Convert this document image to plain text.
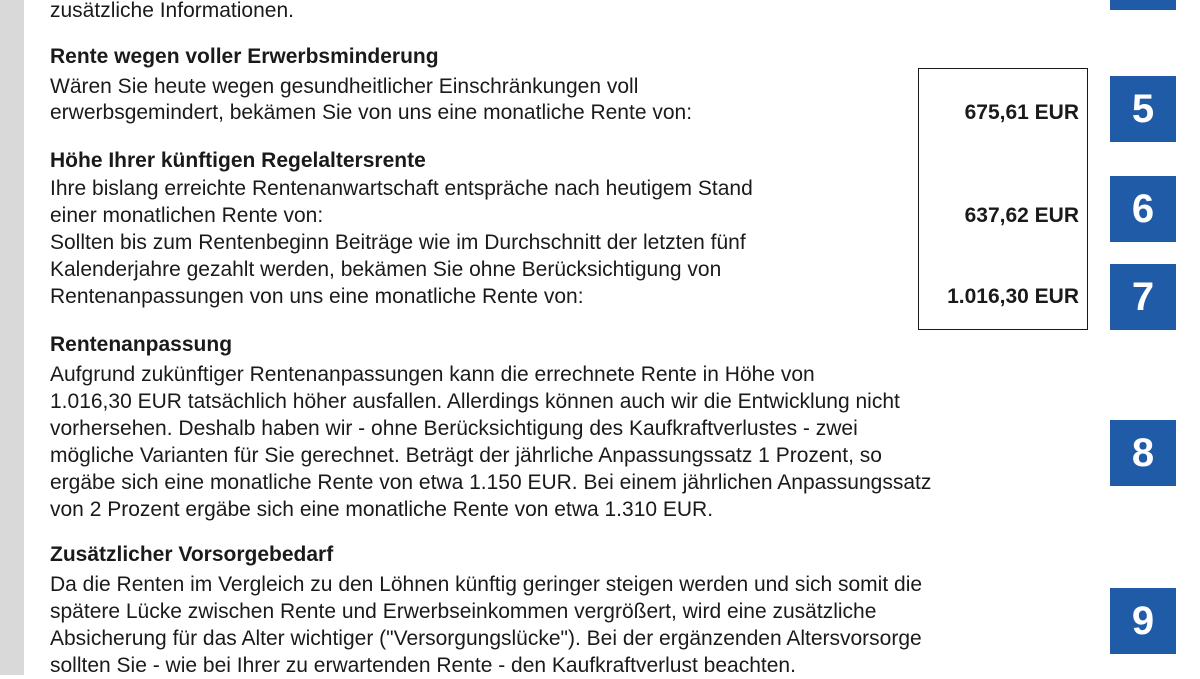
zusätzliche Informationen.
Rente wegen voller Erwerbsminderung
Wären Sie heute wegen gesundheitlicher Einschränkungen voll
erwerbsgemindert, bekämen Sie von uns eine monatliche Rente von:
Höhe Ihrer künftigen Regelaltersrente
Ihre bislang erreichte Rentenanwartschaft entspräche nach heutigem Stand
einer monatlichen Rente von:
Sollten bis zum Rentenbeginn Beiträge wie im Durchschnitt der letzten fünf
Kalenderjahre gezahlt werden, bekämen Sie ohne Berücksichtigung von
Rentenanpassungen von uns eine monatliche Rente von:
675,61 EUR
637,62 EUR
1.016,30 EUR
Rentenanpassung
Aufgrund zukünftiger Rentenanpassungen kann die errechnete Rente in Höhe von
1.016,30 EUR tatsächlich höher ausfallen. Allerdings können auch wir die Entwicklung nicht
vorhersehen. Deshalb haben wir - ohne Berücksichtigung des Kaufkraftverlustes - zwei
mögliche Varianten für Sie gerechnet. Beträgt der jährliche Anpassungssatz 1 Prozent, so
ergäbe sich eine monatliche Rente von etwa 1.150 EUR. Bei einem jährlichen Anpassungssatz
von 2 Prozent ergäbe sich eine monatliche Rente von etwa 1.310 EUR.
Zusätzlicher Vorsorgebedarf
Da die Renten im Vergleich zu den Löhnen künftig geringer steigen werden und sich somit die
spätere Lücke zwischen Rente und Erwerbseinkommen vergrößert, wird eine zusätzliche
Absicherung für das Alter wichtiger ("Versorgungslücke"). Bei der ergänzenden Altersvorsorge
sollten Sie - wie bei Ihrer zu erwartenden Rente - den Kaufkraftverlust beachten.
5
6
7
8
9
